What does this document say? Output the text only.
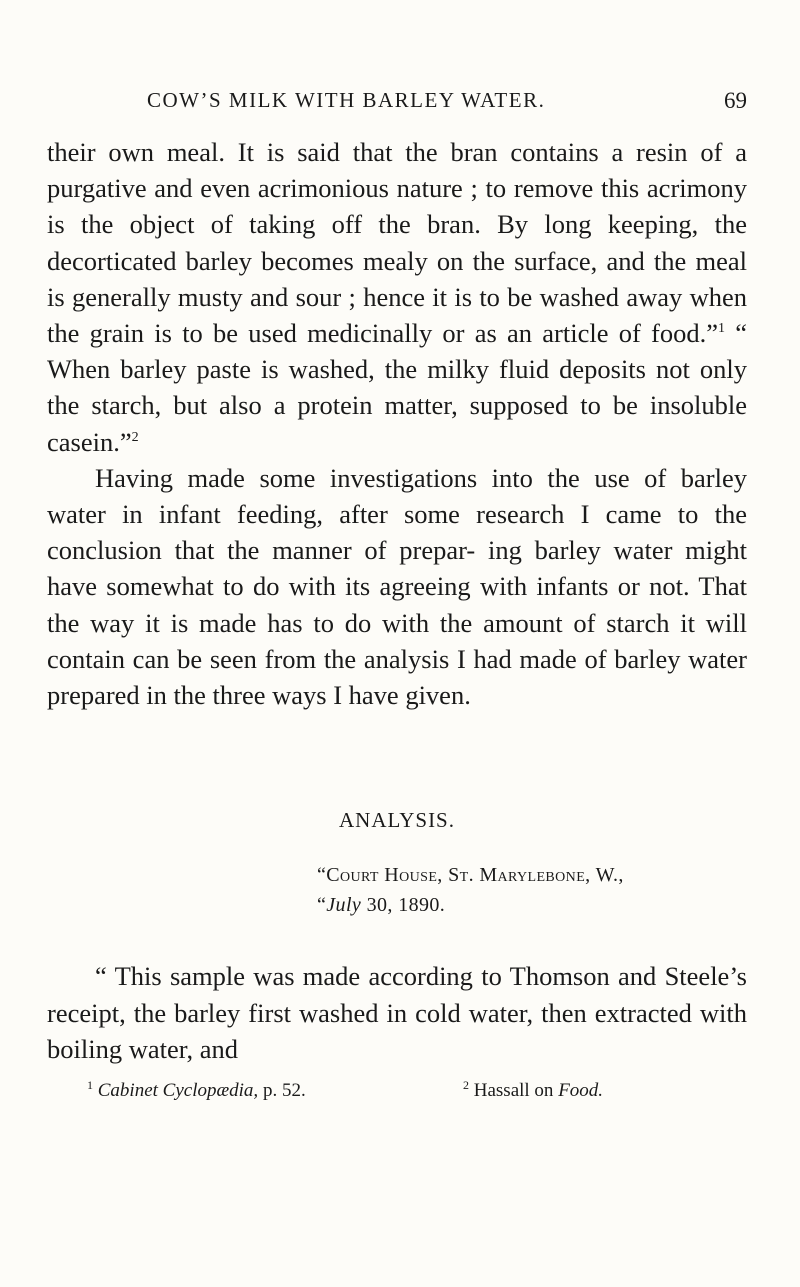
COW’S MILK WITH BARLEY WATER.	69

their own meal. It is said that the bran contains a resin of a purgative and even acrimonious nature ; to remove this acrimony is the object of taking off the bran. By long keeping, the decorticated barley becomes mealy on the surface, and the meal is generally musty and sour ; hence it is to be washed away when the grain is to be used medicinally or as an article of food.”$^1$ “ When barley paste is washed, the milky fluid deposits not only the starch, but also a protein matter, supposed to be insoluble casein.”$^2$

Having made some investigations into the use of barley water in infant feeding, after some research I came to the conclusion that the manner of prepar- ing barley water might have somewhat to do with its agreeing with infants or not. That the way it is made has to do with the amount of starch it will contain can be seen from the analysis I had made of barley water prepared in the three ways I have given.

ANALYSIS.
“Court House, St. Marylebone, W.,
“July 30, 1890.

“ This sample was made according to Thomson and Steele’s receipt, the barley first washed in cold water, then extracted with boiling water, and

$^1$ Cabinet Cyclopædia, p. 52.	$^2$ Hassall on Food.
